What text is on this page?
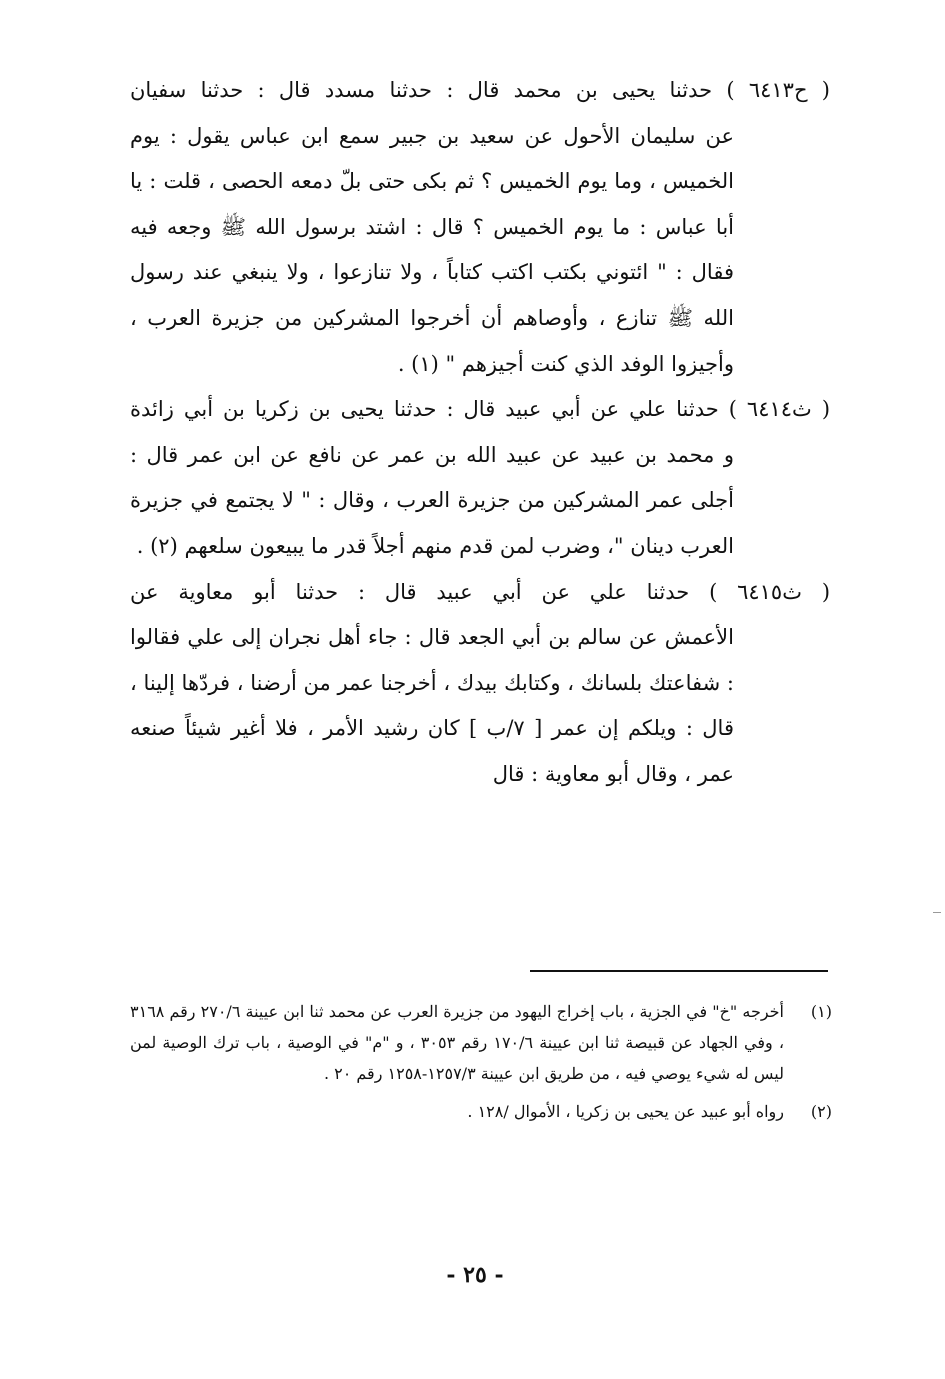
( ح٦٤١٣ ) حدثنا يحيى بن محمد قال : حدثنا مسدد قال : حدثنا سفيان
عن سليمان الأحول عن سعيد بن جبير سمع ابن عباس يقول : يوم الخميس ، وما يوم الخميس ؟ ثم بكى حتى بلّ دمعه الحصى ، قلت : يا أبا عباس : ما يوم الخميس ؟ قال : اشتد برسول الله ﷺ وجعه فيه فقال : " ائتوني بكتب اكتب كتاباً ، ولا تنازعوا ، ولا ينبغي عند رسول الله ﷺ تنازع ، وأوصاهم أن أخرجوا المشركين من جزيرة العرب ، وأجيزوا الوفد الذي كنت أجيزهم " (١) .
( ث٦٤١٤ ) حدثنا علي عن أبي عبيد قال : حدثنا يحيى بن زكريا بن أبي زائدة
و محمد بن عبيد عن عبيد الله بن عمر عن نافع عن ابن عمر قال : أجلى عمر المشركين من جزيرة العرب ، وقال : " لا يجتمع في جزيرة العرب دينان "، وضرب لمن قدم منهم أجلاً قدر ما يبيعون سلعهم (٢) .
( ث٦٤١٥ ) حدثنا علي عن أبي عبيد قال : حدثنا أبو معاوية عن
الأعمش عن سالم بن أبي الجعد قال : جاء أهل نجران إلى علي فقالوا : شفاعتك بلسانك ، وكتابك بيدك ، أخرجنا عمر من أرضنا ، فردّها إلينا ، قال : ويلكم إن عمر [ ٧/ب ] كان رشيد الأمر ، فلا أغير شيئاً صنعه عمر ، وقال أبو معاوية : قال
(١)
أخرجه "خ" في الجزية ، باب إخراج اليهود من جزيرة العرب عن محمد ثنا ابن عيينة ٢٧٠/٦ رقم ٣١٦٨ ، وفي الجهاد عن قبيصة ثنا ابن عيينة ١٧٠/٦ رقم ٣٠٥٣ ، و "م" في الوصية ، باب ترك الوصية لمن ليس له شيء يوصي فيه ، من طريق ابن عيينة ١٢٥٧/٣-١٢٥٨ رقم ٢٠ .
(٢)
رواه أبو عبيد عن يحيى بن زكريا ، الأموال /١٢٨ .
- ٢٥ -
